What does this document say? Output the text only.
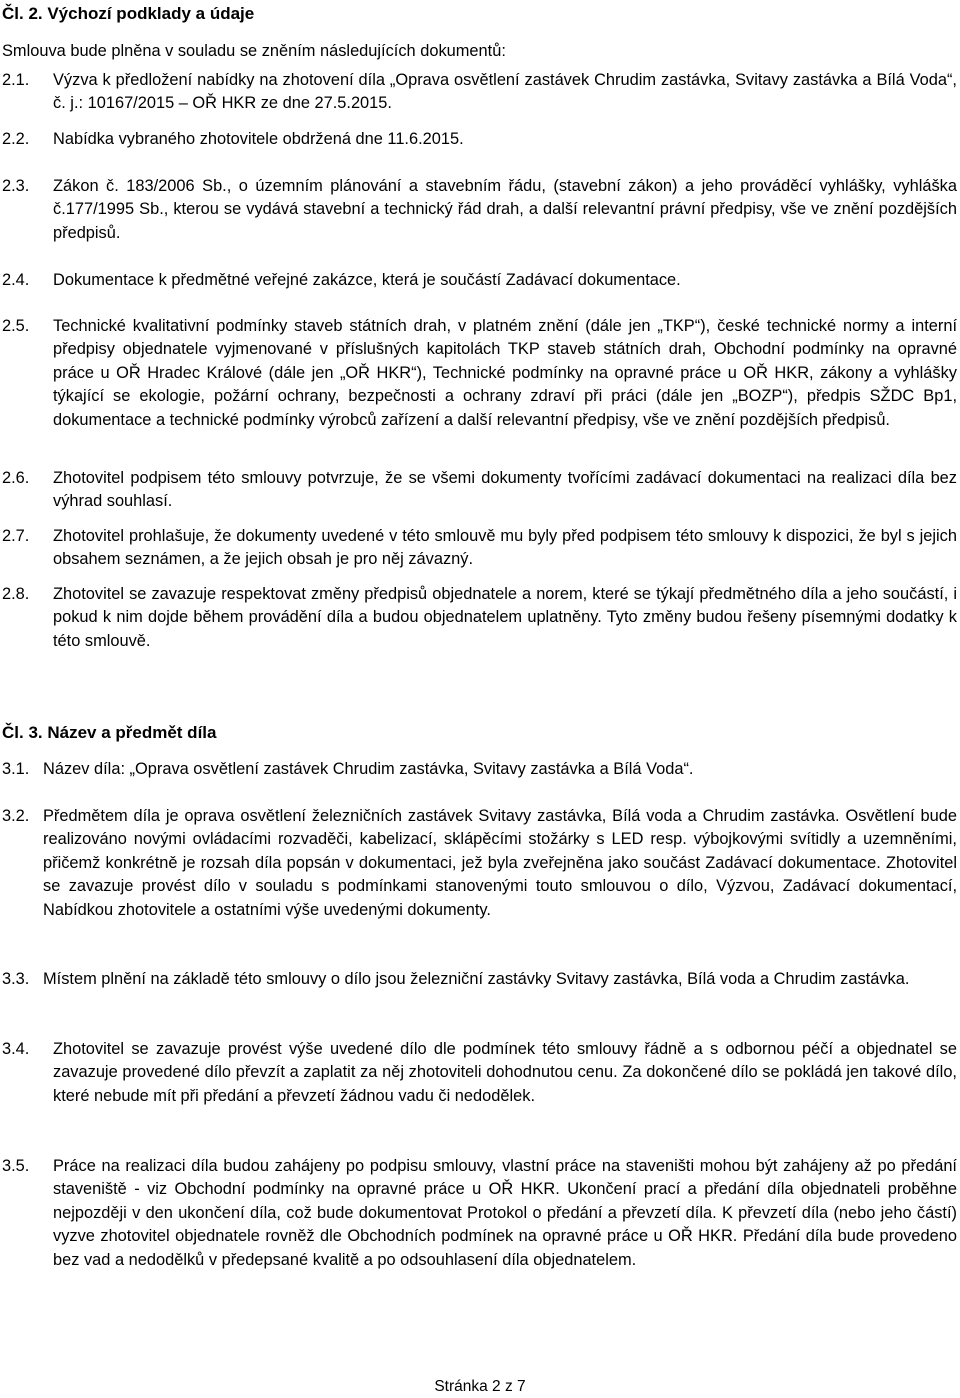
Čl. 2. Výchozí podklady a údaje
Smlouva bude plněna v souladu se zněním následujících dokumentů:
2.1. Výzva k předložení nabídky na zhotovení díla „Oprava osvětlení zastávek Chrudim zastávka, Svitavy zastávka a Bílá Voda“, č. j.: 10167/2015 – OŘ HKR ze dne 27.5.2015.
2.2. Nabídka vybraného zhotovitele obdržená dne 11.6.2015.
2.3. Zákon č. 183/2006 Sb., o územním plánování a stavebním řádu, (stavební zákon) a jeho prováděcí vyhlášky, vyhláška č.177/1995 Sb., kterou se vydává stavební a technický řád drah, a další relevantní právní předpisy, vše ve znění pozdějších předpisů.
2.4. Dokumentace k předmětné veřejné zakázce, která je součástí Zadávací dokumentace.
2.5. Technické kvalitativní podmínky staveb státních drah, v platném znění (dále jen „TKP“), české technické normy a interní předpisy objednatele vyjmenované v příslušných kapitolách TKP staveb státních drah, Obchodní podmínky na opravné práce u OŘ Hradec Králové (dále jen „OŘ HKR“), Technické podmínky na opravné práce u OŘ HKR, zákony a vyhlášky týkající se ekologie, požární ochrany, bezpečnosti a ochrany zdraví při práci (dále jen „BOZP“), předpis SŽDC Bp1, dokumentace a technické podmínky výrobců zařízení a další relevantní předpisy, vše ve znění pozdějších předpisů.
2.6. Zhotovitel podpisem této smlouvy potvrzuje, že se všemi dokumenty tvořícími zadávací dokumentaci na realizaci díla bez výhrad souhlasí.
2.7. Zhotovitel prohlašuje, že dokumenty uvedené v této smlouvě mu byly před podpisem této smlouvy k dispozici, že byl s jejich obsahem seznámen, a že jejich obsah je pro něj závazný.
2.8. Zhotovitel se zavazuje respektovat změny předpisů objednatele a norem, které se týkají předmětného díla a jeho součástí, i pokud k nim dojde během provádění díla a budou objednatelem uplatněny. Tyto změny budou řešeny písemnými dodatky k této smlouvě.
Čl. 3. Název a předmět díla
3.1. Název díla: „Oprava osvětlení zastávek Chrudim zastávka, Svitavy zastávka a Bílá Voda“.
3.2. Předmětem díla je oprava osvětlení železničních zastávek Svitavy zastávka, Bílá voda a Chrudim zastávka. Osvětlení bude realizováno novými ovládacími rozvaděči, kabelizací, sklápěcími stožárky s LED resp. výbojkovými svítidly a uzemněními, přičemž konkrétně je rozsah díla popsán v dokumentaci, jež byla zveřejněna jako součást Zadávací dokumentace. Zhotovitel se zavazuje provést dílo v souladu s podmínkami stanovenými touto smlouvou o dílo, Výzvou, Zadávací dokumentací, Nabídkou zhotovitele a ostatními výše uvedenými dokumenty.
3.3. Místem plnění na základě této smlouvy o dílo jsou železniční zastávky Svitavy zastávka, Bílá voda a Chrudim zastávka.
3.4. Zhotovitel se zavazuje provést výše uvedené dílo dle podmínek této smlouvy řádně a s odbornou péčí a objednatel se zavazuje provedené dílo převzít a zaplatit za něj zhotoviteli dohodnutou cenu. Za dokončené dílo se pokládá jen takové dílo, které nebude mít při předání a převzetí žádnou vadu či nedodělek.
3.5. Práce na realizaci díla budou zahájeny po podpisu smlouvy, vlastní práce na staveništi mohou být zahájeny až po předání staveniště - viz Obchodní podmínky na opravné práce u OŘ HKR. Ukončení prací a předání díla objednateli proběhne nejpozději v den ukončení díla, což bude dokumentovat Protokol o předání a převzetí díla. K převzetí díla (nebo jeho částí) vyzve zhotovitel objednatele rovněž dle Obchodních podmínek na opravné práce u OŘ HKR. Předání díla bude provedeno bez vad a nedodělků v předepsané kvalitě a po odsouhlasení díla objednatelem.
Stránka 2 z 7
